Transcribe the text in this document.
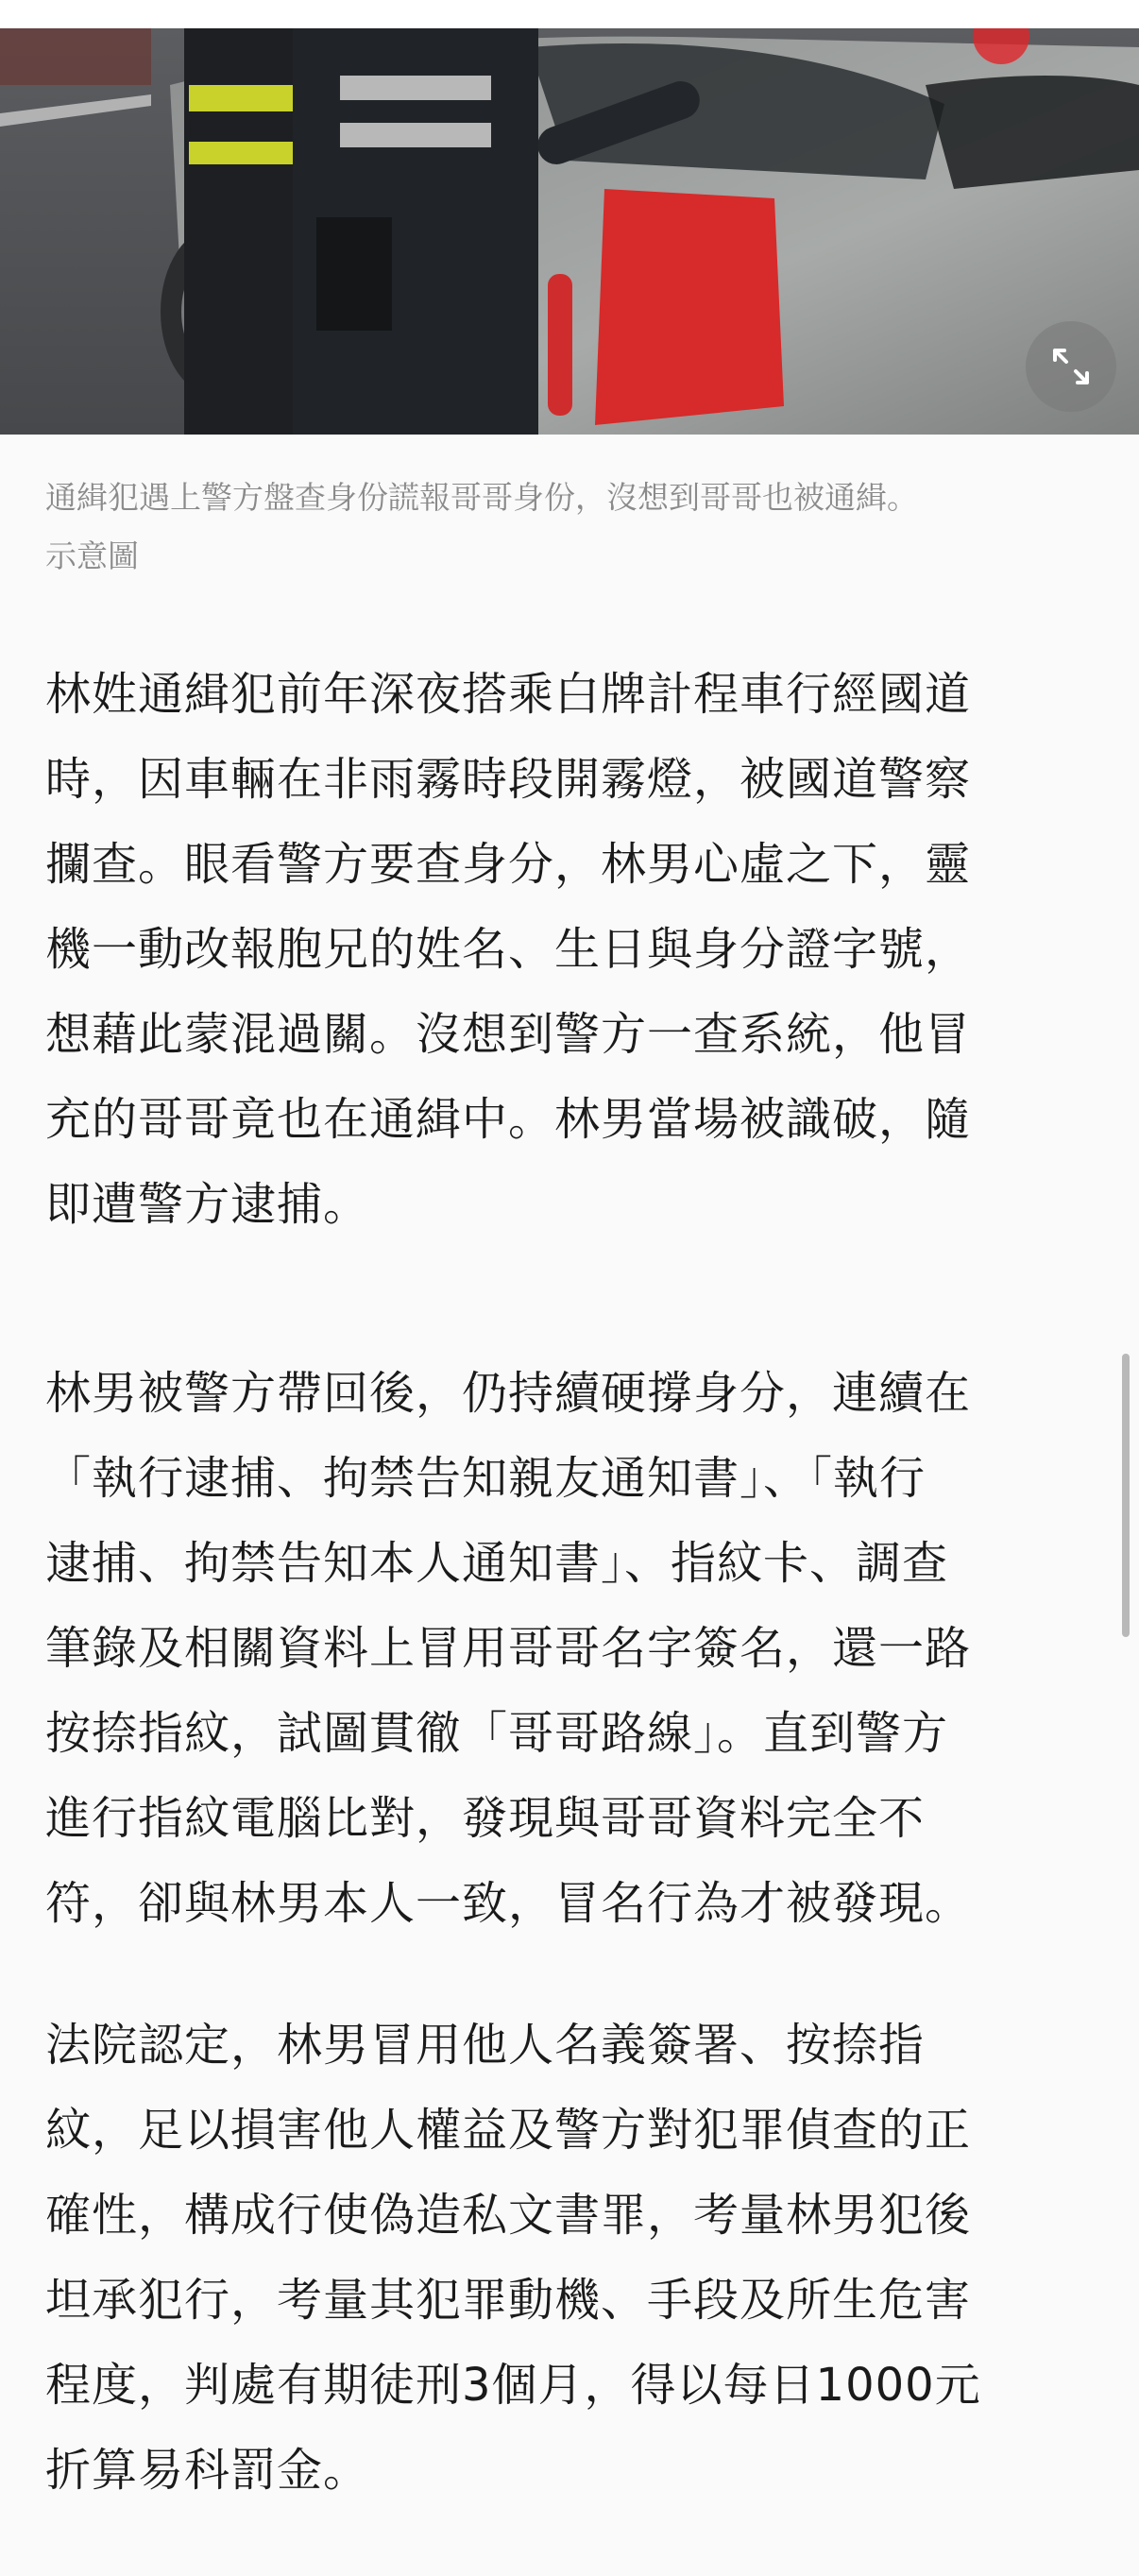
通緝犯遇上警方盤查身份謊報哥哥身份，沒想到哥哥也被通緝。
示意圖

林姓通緝犯前年深夜搭乘白牌計程車行經國道
時，因車輛在非雨霧時段開霧燈，被國道警察
攔查。眼看警方要查身分，林男心虛之下，靈
機一動改報胞兄的姓名、生日與身分證字號，
想藉此蒙混過關。沒想到警方一查系統，他冒
充的哥哥竟也在通緝中。林男當場被識破，隨
即遭警方逮捕。

林男被警方帶回後，仍持續硬撐身分，連續在
「執行逮捕、拘禁告知親友通知書」、「執行
逮捕、拘禁告知本人通知書」、指紋卡、調查
筆錄及相關資料上冒用哥哥名字簽名，還一路
按捺指紋，試圖貫徹「哥哥路線」。直到警方
進行指紋電腦比對，發現與哥哥資料完全不
符，卻與林男本人一致，冒名行為才被發現。

法院認定，林男冒用他人名義簽署、按捺指
紋，足以損害他人權益及警方對犯罪偵查的正
確性，構成行使偽造私文書罪，考量林男犯後
坦承犯行，考量其犯罪動機、手段及所生危害
程度，判處有期徒刑3個月，得以每日1000元
折算易科罰金。
